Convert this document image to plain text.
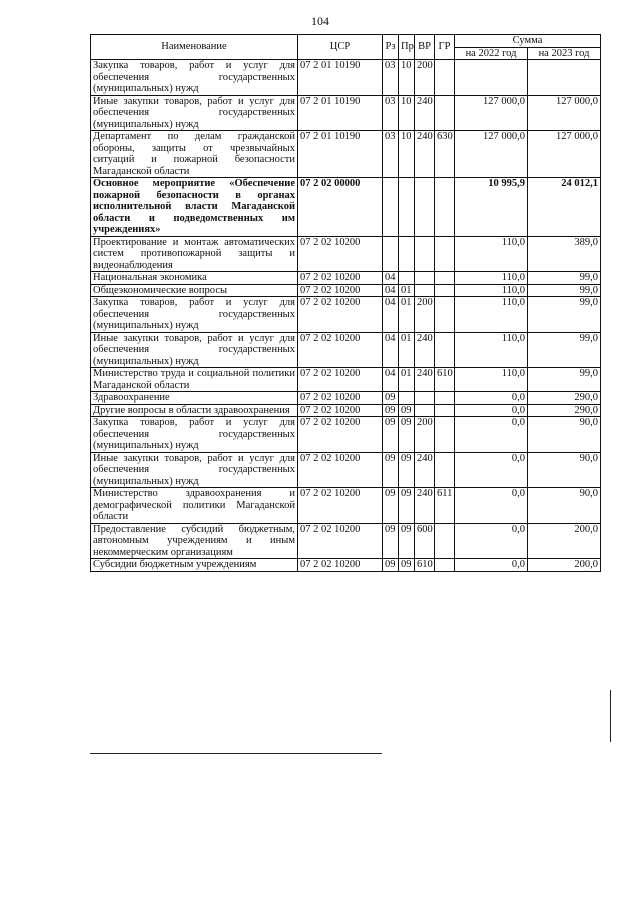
104
Наименование	ЦСР	Рз	Пр	ВР	ГР	Сумма	
						на 2022 год	на 2023 год
Закупка товаров, работ и услуг для обеспечения государственных (муниципальных) нужд	07 2 01 10190	03	10	200			
Иные закупки товаров, работ и услуг для обеспечения государственных (муниципальных) нужд	07 2 01 10190	03	10	240		127 000,0	127 000,0
Департамент по делам гражданской обороны, защиты от чрезвычайных ситуаций и пожарной безопасности Магаданской области	07 2 01 10190	03	10	240	630	127 000,0	127 000,0
Основное мероприятие «Обеспечение пожарной безопасности в органах исполнительной власти Магаданской области и подведомственных им учреждениях»	07 2 02 00000					10 995,9	24 012,1
Проектирование и монтаж автоматических систем противопожарной защиты и видеонаблюдения	07 2 02 10200					110,0	389,0
Национальная экономика	07 2 02 10200	04				110,0	99,0
Общеэкономические вопросы	07 2 02 10200	04	01			110,0	99,0
Закупка товаров, работ и услуг для обеспечения государственных (муниципальных) нужд	07 2 02 10200	04	01	200		110,0	99,0
Иные закупки товаров, работ и услуг для обеспечения государственных (муниципальных) нужд	07 2 02 10200	04	01	240		110,0	99,0
Министерство труда и социальной политики Магаданской области	07 2 02 10200	04	01	240	610	110,0	99,0
Здравоохранение	07 2 02 10200	09				0,0	290,0
Другие вопросы в области здравоохранения	07 2 02 10200	09	09			0,0	290,0
Закупка товаров, работ и услуг для обеспечения государственных (муниципальных) нужд	07 2 02 10200	09	09	200		0,0	90,0
Иные закупки товаров, работ и услуг для обеспечения государственных (муниципальных) нужд	07 2 02 10200	09	09	240		0,0	90,0
Министерство здравоохранения и демографической политики Магаданской области	07 2 02 10200	09	09	240	611	0,0	90,0
Предоставление субсидий бюджетным, автономным учреждениям и иным некоммерческим организациям	07 2 02 10200	09	09	600		0,0	200,0
Субсидии бюджетным учреждениям	07 2 02 10200	09	09	610		0,0	200,0
